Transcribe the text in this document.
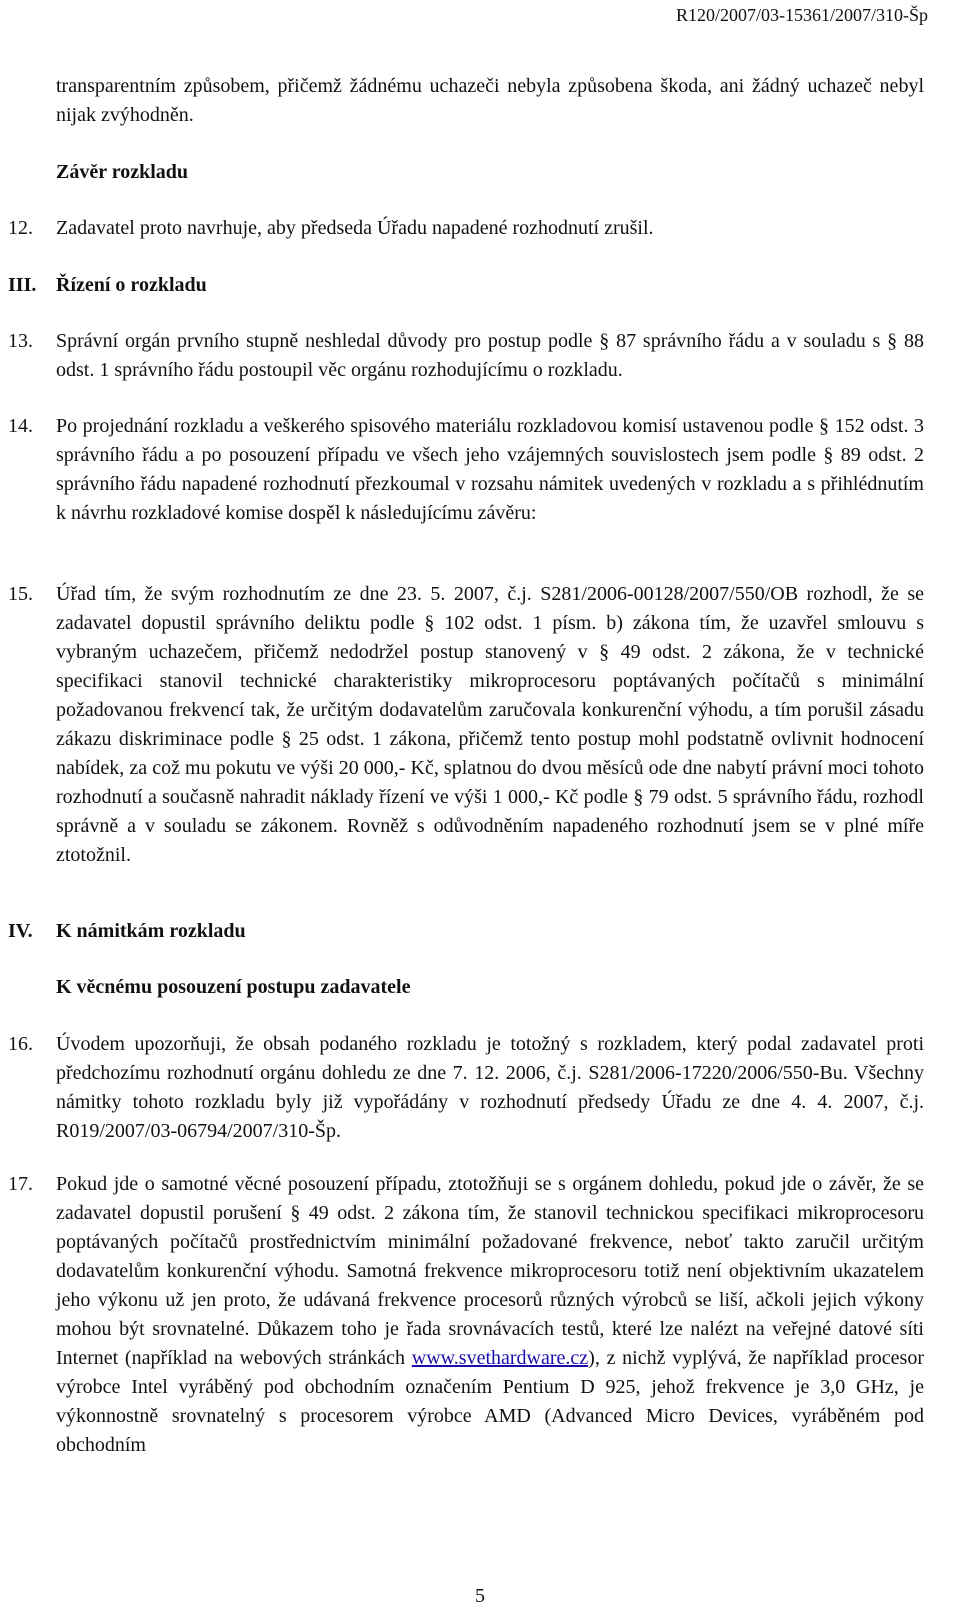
R120/2007/03-15361/2007/310-Šp
transparentním způsobem, přičemž žádnému uchazeči nebyla způsobena škoda, ani žádný uchazeč nebyl nijak zvýhodněn.
Závěr rozkladu
12. Zadavatel proto navrhuje, aby předseda Úřadu napadené rozhodnutí zrušil.
III. Řízení o rozkladu
13. Správní orgán prvního stupně neshledal důvody pro postup podle § 87 správního řádu a v souladu s § 88 odst. 1 správního řádu postoupil věc orgánu rozhodujícímu o rozkladu.
14. Po projednání rozkladu a veškerého spisového materiálu rozkladovou komisí ustavenou podle § 152 odst. 3 správního řádu a po posouzení případu ve všech jeho vzájemných souvislostech jsem podle § 89 odst. 2 správního řádu napadené rozhodnutí přezkoumal v rozsahu námitek uvedených v rozkladu a s přihlédnutím k návrhu rozkladové komise dospěl k následujícímu závěru:
15. Úřad tím, že svým rozhodnutím ze dne 23. 5. 2007, č.j. S281/2006-00128/2007/550/OB rozhodl, že se zadavatel dopustil správního deliktu podle § 102 odst. 1 písm. b) zákona tím, že uzavřel smlouvu s vybraným uchazečem, přičemž nedodržel postup stanovený v § 49 odst. 2 zákona, že v technické specifikaci stanovil technické charakteristiky mikroprocesoru poptávaných počítačů s minimální požadovanou frekvencí tak, že určitým dodavatelům zaručovala konkurenční výhodu, a tím porušil zásadu zákazu diskriminace podle § 25 odst. 1 zákona, přičemž tento postup mohl podstatně ovlivnit hodnocení nabídek, za což mu pokutu ve výši 20 000,- Kč, splatnou do dvou měsíců ode dne nabytí právní moci tohoto rozhodnutí a současně nahradit náklady řízení ve výši 1 000,- Kč podle § 79 odst. 5 správního řádu, rozhodl správně a v souladu se zákonem. Rovněž s odůvodněním napadeného rozhodnutí jsem se v plné míře ztotožnil.
IV. K námitkám rozkladu
K věcnému posouzení postupu zadavatele
16. Úvodem upozorňuji, že obsah podaného rozkladu je totožný s rozkladem, který podal zadavatel proti předchozímu rozhodnutí orgánu dohledu ze dne 7. 12. 2006, č.j. S281/2006-17220/2006/550-Bu. Všechny námitky tohoto rozkladu byly již vypořádány v rozhodnutí předsedy Úřadu ze dne 4. 4. 2007, č.j. R019/2007/03-06794/2007/310-Šp.
17. Pokud jde o samotné věcné posouzení případu, ztotožňuji se s orgánem dohledu, pokud jde o závěr, že se zadavatel dopustil porušení § 49 odst. 2 zákona tím, že stanovil technickou specifikaci mikroprocesoru poptávaných počítačů prostřednictvím minimální požadované frekvence, neboť takto zaručil určitým dodavatelům konkurenční výhodu. Samotná frekvence mikroprocesoru totiž není objektivním ukazatelem jeho výkonu už jen proto, že udávaná frekvence procesorů různých výrobců se liší, ačkoli jejich výkony mohou být srovnatelné. Důkazem toho je řada srovnávacích testů, které lze nalézt na veřejné datové síti Internet (například na webových stránkách www.svethardware.cz), z nichž vyplývá, že například procesor výrobce Intel vyráběný pod obchodním označením Pentium D 925, jehož frekvence je 3,0 GHz, je výkonnostně srovnatelný s procesorem výrobce AMD (Advanced Micro Devices, vyráběném pod obchodním
5
